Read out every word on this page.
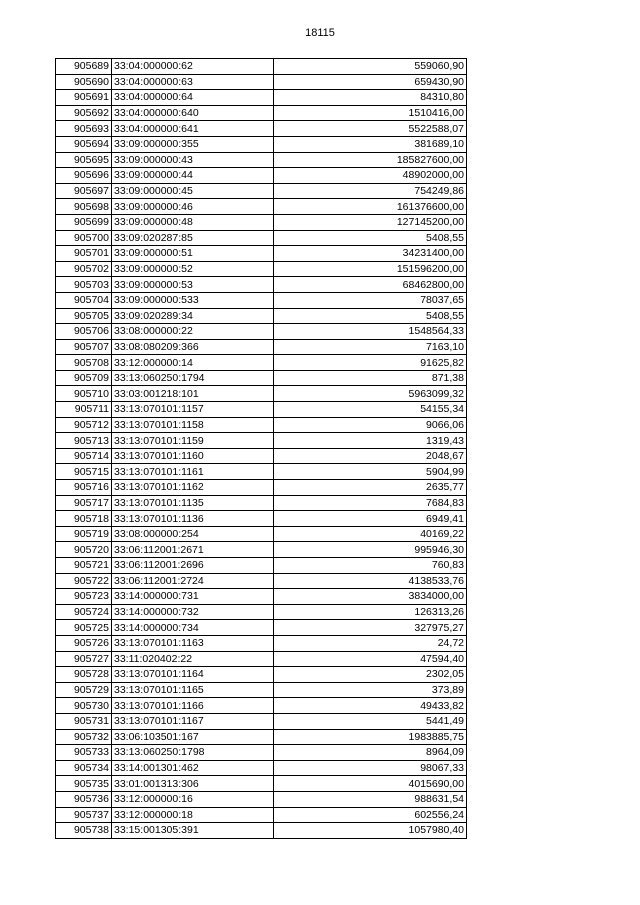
18115
905689	33:04:000000:62	559060,90
905690	33:04:000000:63	659430,90
905691	33:04:000000:64	84310,80
905692	33:04:000000:640	1510416,00
905693	33:04:000000:641	5522588,07
905694	33:09:000000:355	381689,10
905695	33:09:000000:43	185827600,00
905696	33:09:000000:44	48902000,00
905697	33:09:000000:45	754249,86
905698	33:09:000000:46	161376600,00
905699	33:09:000000:48	127145200,00
905700	33:09:020287:85	5408,55
905701	33:09:000000:51	34231400,00
905702	33:09:000000:52	151596200,00
905703	33:09:000000:53	68462800,00
905704	33:09:000000:533	78037,65
905705	33:09:020289:34	5408,55
905706	33:08:000000:22	1548564,33
905707	33:08:080209:366	7163,10
905708	33:12:000000:14	91625,82
905709	33:13:060250:1794	871,38
905710	33:03:001218:101	5963099,32
905711	33:13:070101:1157	54155,34
905712	33:13:070101:1158	9066,06
905713	33:13:070101:1159	1319,43
905714	33:13:070101:1160	2048,67
905715	33:13:070101:1161	5904,99
905716	33:13:070101:1162	2635,77
905717	33:13:070101:1135	7684,83
905718	33:13:070101:1136	6949,41
905719	33:08:000000:254	40169,22
905720	33:06:112001:2671	995946,30
905721	33:06:112001:2696	760,83
905722	33:06:112001:2724	4138533,76
905723	33:14:000000:731	3834000,00
905724	33:14:000000:732	126313,26
905725	33:14:000000:734	327975,27
905726	33:13:070101:1163	24,72
905727	33:11:020402:22	47594,40
905728	33:13:070101:1164	2302,05
905729	33:13:070101:1165	373,89
905730	33:13:070101:1166	49433,82
905731	33:13:070101:1167	5441,49
905732	33:06:103501:167	1983885,75
905733	33:13:060250:1798	8964,09
905734	33:14:001301:462	98067,33
905735	33:01:001313:306	4015690,00
905736	33:12:000000:16	988631,54
905737	33:12:000000:18	602556,24
905738	33:15:001305:391	1057980,40
